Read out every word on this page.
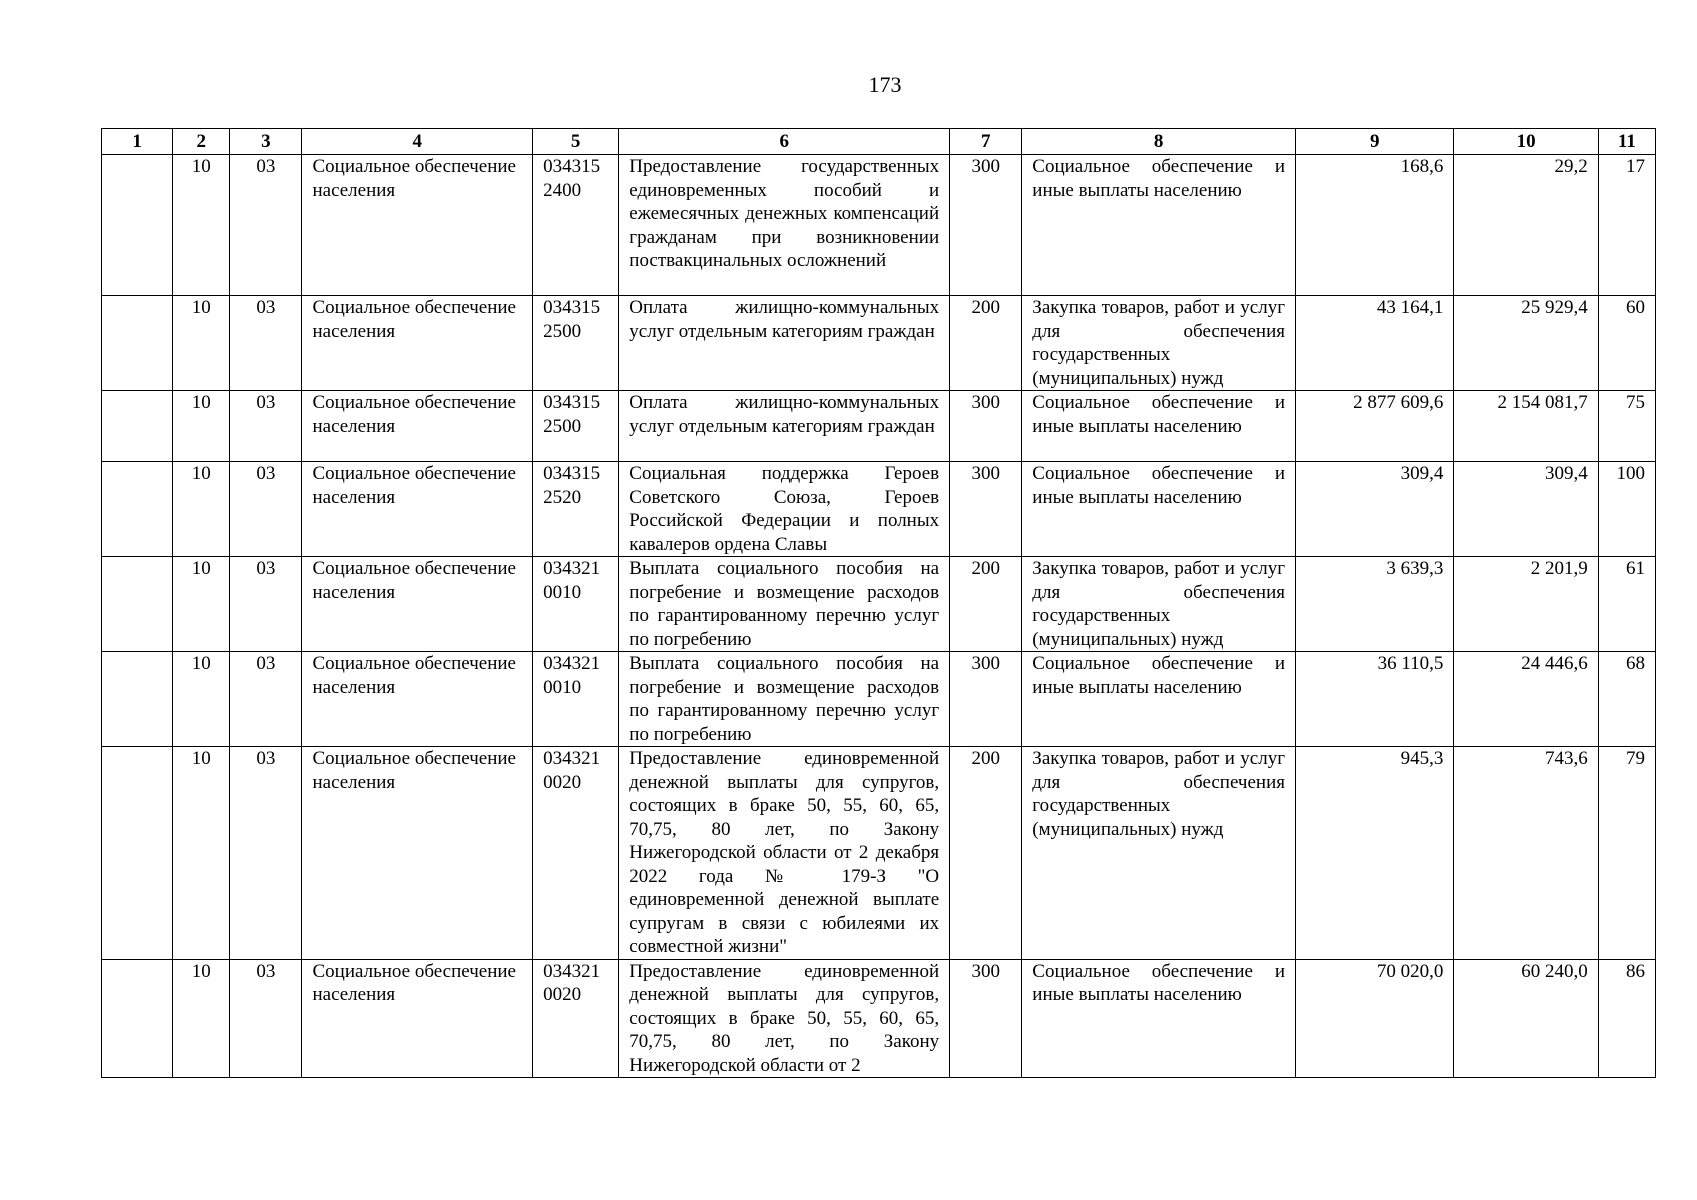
173
1	2	3	4	5	6	7	8	9	10	11
	10	03	Социальное обеспечение населения	034315 2400	Предоставление государственных единовременных пособий и ежемесячных денежных компенсаций гражданам при возникновении поствакцинальных осложнений	300	Социальное обеспечение и иные выплаты населению	168,6	29,2	17
	10	03	Социальное обеспечение населения	034315 2500	Оплата жилищно-коммунальных услуг отдельным категориям граждан	200	Закупка товаров, работ и услуг для обеспечения государственных (муниципальных) нужд	43 164,1	25 929,4	60
	10	03	Социальное обеспечение населения	034315 2500	Оплата жилищно-коммунальных услуг отдельным категориям граждан	300	Социальное обеспечение и иные выплаты населению	2 877 609,6	2 154 081,7	75
	10	03	Социальное обеспечение населения	034315 2520	Социальная поддержка Героев Советского Союза, Героев Российской Федерации и полных кавалеров ордена Славы	300	Социальное обеспечение и иные выплаты населению	309,4	309,4	100
	10	03	Социальное обеспечение населения	034321 0010	Выплата социального пособия на погребение и возмещение расходов по гарантированному перечню услуг по погребению	200	Закупка товаров, работ и услуг для обеспечения государственных (муниципальных) нужд	3 639,3	2 201,9	61
	10	03	Социальное обеспечение населения	034321 0010	Выплата социального пособия на погребение и возмещение расходов по гарантированному перечню услуг по погребению	300	Социальное обеспечение и иные выплаты населению	36 110,5	24 446,6	68
	10	03	Социальное обеспечение населения	034321 0020	Предоставление единовременной денежной выплаты для супругов, состоящих в браке 50, 55, 60, 65, 70,75, 80 лет, по Закону Нижегородской области от 2 декабря 2022 года № 179-З "О единовременной денежной выплате супругам в связи с юбилеями их совместной жизни"	200	Закупка товаров, работ и услуг для обеспечения государственных (муниципальных) нужд	945,3	743,6	79
	10	03	Социальное обеспечение населения	034321 0020	Предоставление единовременной денежной выплаты для супругов, состоящих в браке 50, 55, 60, 65, 70,75, 80 лет, по Закону Нижегородской области от 2	300	Социальное обеспечение и иные выплаты населению	70 020,0	60 240,0	86
